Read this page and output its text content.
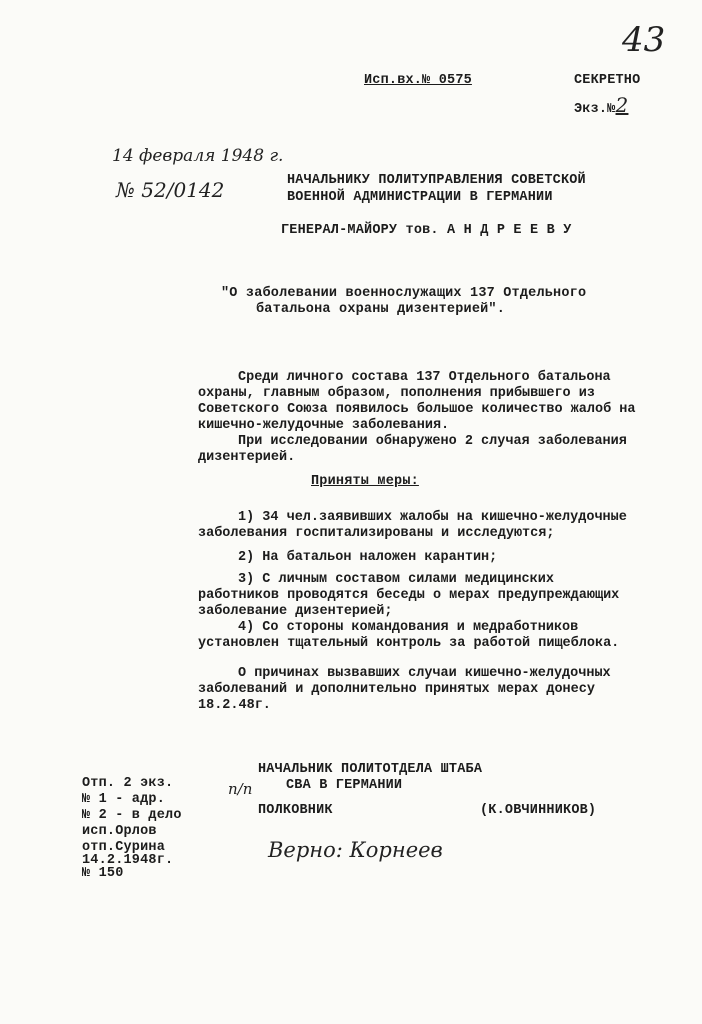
43
Исп.вх.№ 0575	СЕКРЕТНО
Экз.№2
14 февраля 1948 г.
№ 52/0142	НАЧАЛЬНИКУ ПОЛИТУПРАВЛЕНИЯ СОВЕТСКОЙ
ВОЕННОЙ АДМИНИСТРАЦИИ В ГЕРМАНИИ
ГЕНЕРАЛ-МАЙОРУ тов. А Н Д Р Е Е В У
"О заболевании военнослужащих 137 Отдельного
батальона охраны дизентерией".
Среди личного состава 137 Отдельного батальона охраны, главным образом, пополнения прибывшего из Советского Союза появилось большое количество жалоб на кишечно-желудочные заболевания.
При исследовании обнаружено 2 случая заболевания дизентерией.
Приняты меры:
1) 34 чел.заявивших жалобы на кишечно-желудочные заболевания госпитализированы и исследуются;
2) На батальон наложен карантин;
3) С личным составом силами медицинских работников проводятся беседы о мерах предупреждающих заболевание дизентерией;
4) Со стороны командования и медработников установлен тщательный контроль за работой пищеблока.
О причинах вызвавших случаи кишечно-желудочных заболеваний и дополнительно принятых мерах донесу 18.2.48г.
НАЧАЛЬНИК ПОЛИТОТДЕЛА ШТАБА
СВА В ГЕРМАНИИ
п/п
ПОЛКОВНИК	(К.ОВЧИННИКОВ)
Верно: Корнеев
Отп. 2 экз.
№ 1 - адр.
№ 2 - в дело
исп.Орлов
отп.Сурина
14.2.1948г.
№ 150
